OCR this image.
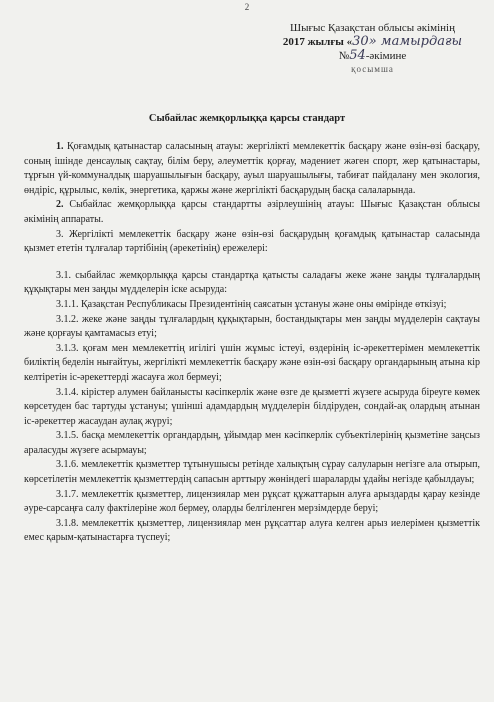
2
Шығыс Қазақстан облысы әкімінің
2017 жылғы «30» мамырдағы
№54-әкімине
қосымша
Сыбайлас жемқорлыққа қарсы стандарт

1. Қоғамдық қатынастар саласының атауы: жергілікті мемлекеттік басқару және өзін-өзі басқару, соның ішінде денсаулық сақтау, білім беру, әлеуметтік қорғау, мәдениет жәген спорт, жер қатынастары, тұрғын үй-коммуналдық шаруашылығын басқару, ауыл шаруашылығы, табиғат пайдалану мен экология, өндіріс, құрылыс, көлік, энергетика, қаржы және жергілікті басқарудың басқа салаларында.

2. Сыбайлас жемқорлыққа қарсы стандартты әзірлеушінің атауы: Шығыс Қазақстан облысы әкімінің аппараты.

3. Жергілікті мемлекеттік басқару және өзін-өзі басқарудың қоғамдық қатынастар саласында қызмет ететін тұлғалар тәртібінің (әрекетінің) ережелері:

3.1. сыбайлас жемқорлыққа қарсы стандартқа қатысты саладағы жеке және заңды тұлғалардың құқықтары мен заңды мүдделерін іске асыруда:

3.1.1. Қазақстан Республикасы Президентінің саясатын ұстануы және оны өмірінде өткізуі;

3.1.2. жеке және заңды тұлғалардың құқықтарын, бостандықтары мен заңды мүдделерін сақтауы және қорғауы қамтамасыз етуі;

3.1.3. қоғам мен мемлекеттің игілігі үшін жұмыс істеуі, өздерінің іс-әрекеттерімен мемлекеттік биліктің беделін нығайтуы, жергілікті мемлекеттік басқару және өзін-өзі басқару органдарының атына кір келтіретін іс-әрекеттерді жасауға жол бермеуі;

3.1.4. кірістер алумен байланысты кәсіпкерлік және өзге де қызметті жүзеге асыруда біреуге көмек көрсетуден бас тартуды ұстануы; үшінші адамдардың мүдделерін білдіруден, сондай-ақ олардың атынан іс-әрекеттер жасаудан аулақ жүруі;

3.1.5. басқа мемлекеттік органдардың, ұйымдар мен кәсіпкерлік субъектілерінің қызметіне заңсыз араласуды жүзеге асырмауы;

3.1.6. мемлекеттік қызметтер тұтынушысы ретінде халықтың сұрау салуларын негізге ала отырып, көрсетілетін мемлекеттік қызметтердің сапасын арттыру жөніндегі шараларды ұдайы негізде қабылдауы;

3.1.7. мемлекеттік қызметтер, лицензиялар мен рұқсат құжаттарын алуға арыздарды қарау кезінде әуре-сарсаңға салу фактілеріне жол бермеу, оларды белгіленген мерзімдерде беруі;

3.1.8. мемлекеттік қызметтер, лицензиялар мен рұқсаттар алуға келген арыз иелерімен қызметтік емес қарым-қатынастарға түспеуі;
